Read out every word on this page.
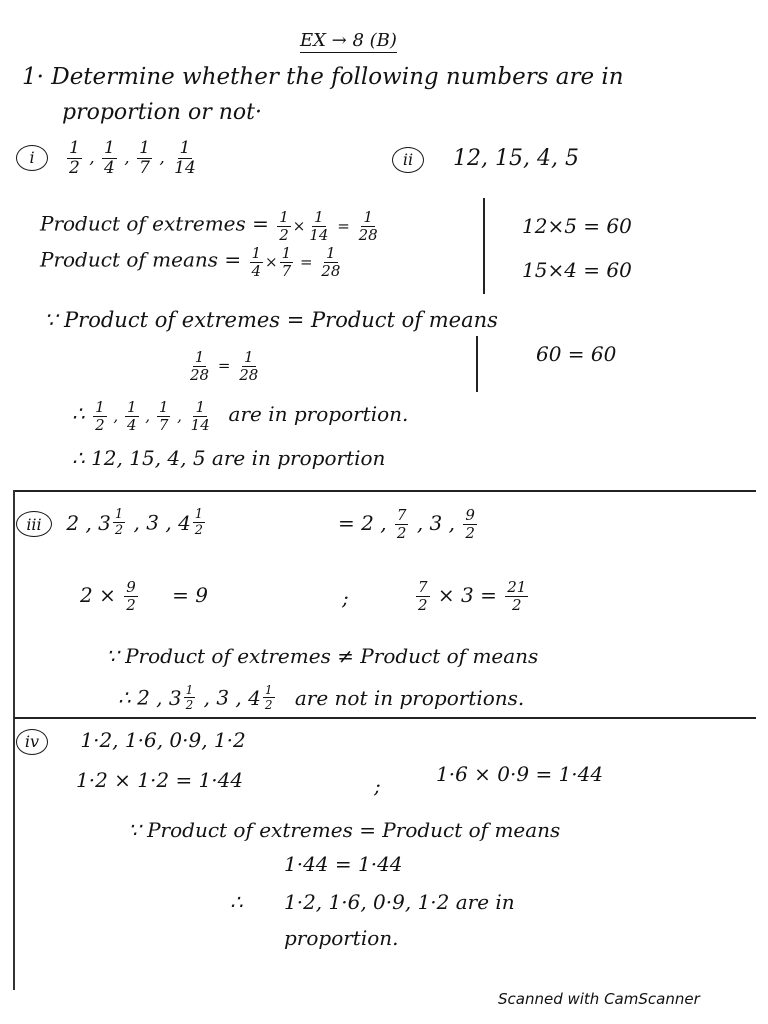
EX → 8 (B)
1· Determine whether the following numbers are in
proportion or not·
i $\frac{1}{2}$ , $\frac{1}{4}$ , $\frac{1}{7}$ , $\frac{1}{14}$	ii 12, 15, 4, 5
Product of extremes = $\frac{1}{2} \times \frac{1}{14} = \frac{1}{28}$
Product of means = $\frac{1}{4} \times \frac{1}{7} = \frac{1}{28}$
12×5 = 60
15×4 = 60
∵ Product of extremes = Product of means
$\frac{1}{28} = \frac{1}{28}$	60 = 60
∴ $\frac{1}{2}$ , $\frac{1}{4}$ , $\frac{1}{7}$ , $\frac{1}{14}$ are in proportion.
∴ 12, 15, 4, 5 are in proportion
iii 2 , $3 \frac{1}{2}$ , 3 , $4 \frac{1}{2}$	= 2 , $\frac{7}{2}$ , 3 , $\frac{9}{2}$
$2 \times \frac{9}{2} = 9$	;	$\frac{7}{2} \times 3 = \frac{21}{2}$
∵ Product of extremes ≠ Product of means
∴ 2 , $3 \frac{1}{2}$ , 3 , $4 \frac{1}{2}$ are not in proportions.
iv 1·2, 1·6, 0·9, 1·2
1·2 × 1·2 = 1·44	;	1·6 × 0·9 = 1·44
∵ Product of extremes = Product of means
1·44 = 1·44
∴ 1·2, 1·6, 0·9, 1·2 are in
proportion.
Scanned with CamScanner
